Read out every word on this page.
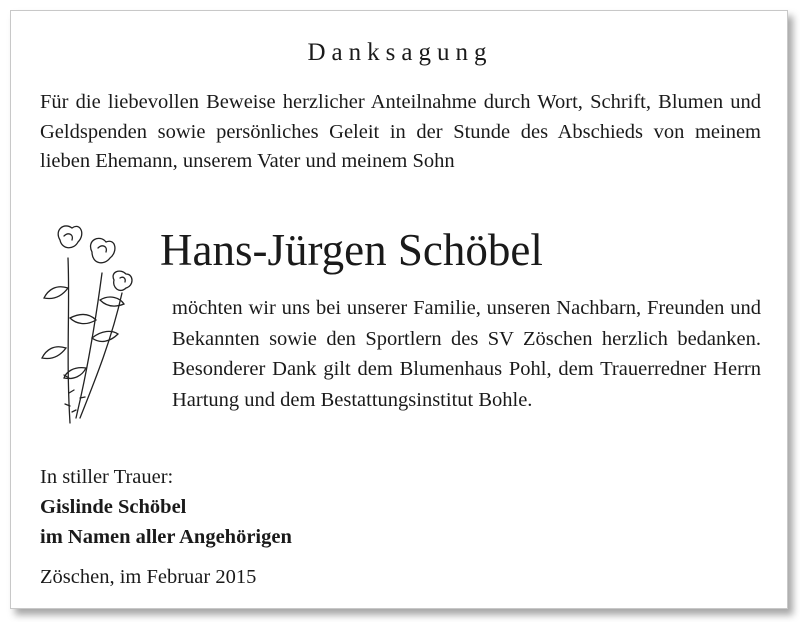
Danksagung

Für die liebevollen Beweise herzlicher Anteilnahme durch Wort, Schrift, Blumen und Geldspenden sowie persönliches Geleit in der Stunde des Abschieds von meinem lieben Ehemann, unserem Vater und meinem Sohn

Hans-Jürgen Schöbel

möchten wir uns bei unserer Familie, unseren Nachbarn, Freunden und Bekannten sowie den Sportlern des SV Zöschen herzlich bedanken. Besonderer Dank gilt dem Blumenhaus Pohl, dem Trauerredner Herrn Hartung und dem Bestattungsinstitut Bohle.

In stiller Trauer:
Gislinde Schöbel
im Namen aller Angehörigen
Zöschen, im Februar 2015
